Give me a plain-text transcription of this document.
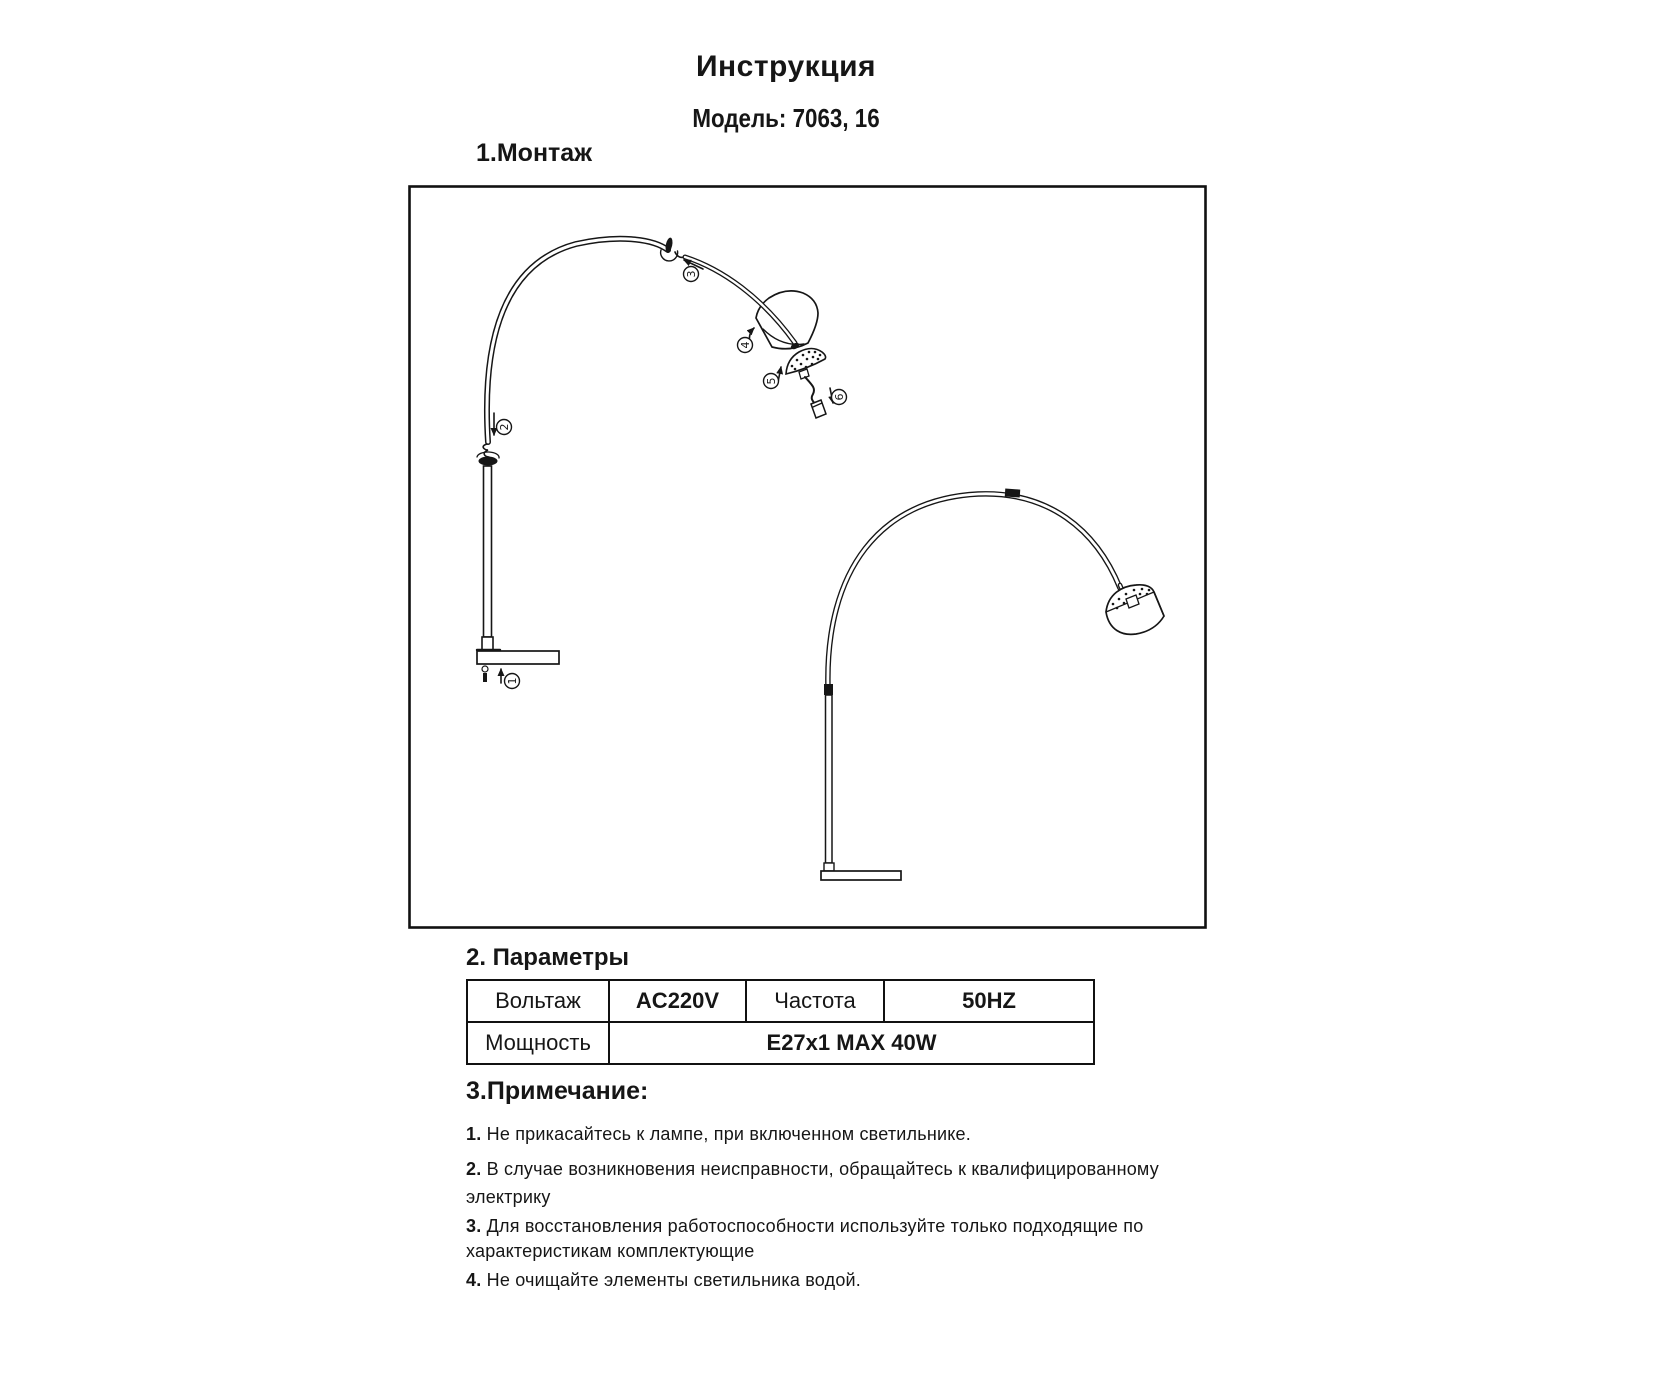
Инструкция
Модель: 7063, 16
1.Монтаж
1
2
3
4
5
6
2. Параметры
Вольтаж	AC220V	Частота	50HZ
Мощность	E27x1 MAX 40W		
3.Примечание:
1. Не прикасайтесь к лампе, при включенном светильнике.
2. В случае возникновения неисправности, обращайтесь к квалифицированному
электрику
3. Для восстановления работоспособности используйте только подходящие по
характеристикам комплектующие
4. Не очищайте элементы светильника водой.
